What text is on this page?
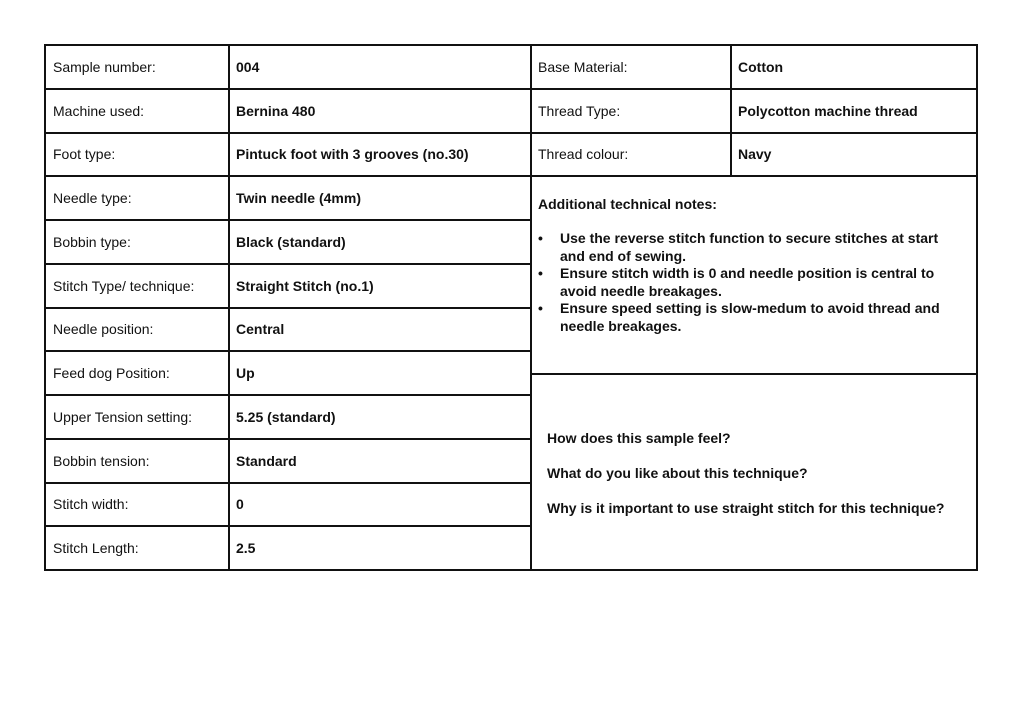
Sample number:	004
Machine used:	Bernina 480
Foot type:	Pintuck foot with 3 grooves (no.30)
Needle type:	Twin needle (4mm)
Bobbin type:	Black (standard)
Stitch Type/ technique:	Straight Stitch (no.1)
Needle position:	Central
Feed dog Position:	Up
Upper Tension setting:	5.25 (standard)
Bobbin tension:	Standard
Stitch width:	0
Stitch Length:	2.5
Base Material:	Cotton
Thread Type:	Polycotton machine thread
Thread colour:	Navy
Additional technical notes:
• Use the reverse stitch function to secure stitches at start and end of sewing.
• Ensure stitch width is 0 and needle position is central to avoid needle breakages.
• Ensure speed setting is slow-medum to avoid thread and needle breakages.
How does this sample feel?
What do you like about this technique?
Why is it important to use straight stitch for this technique?
